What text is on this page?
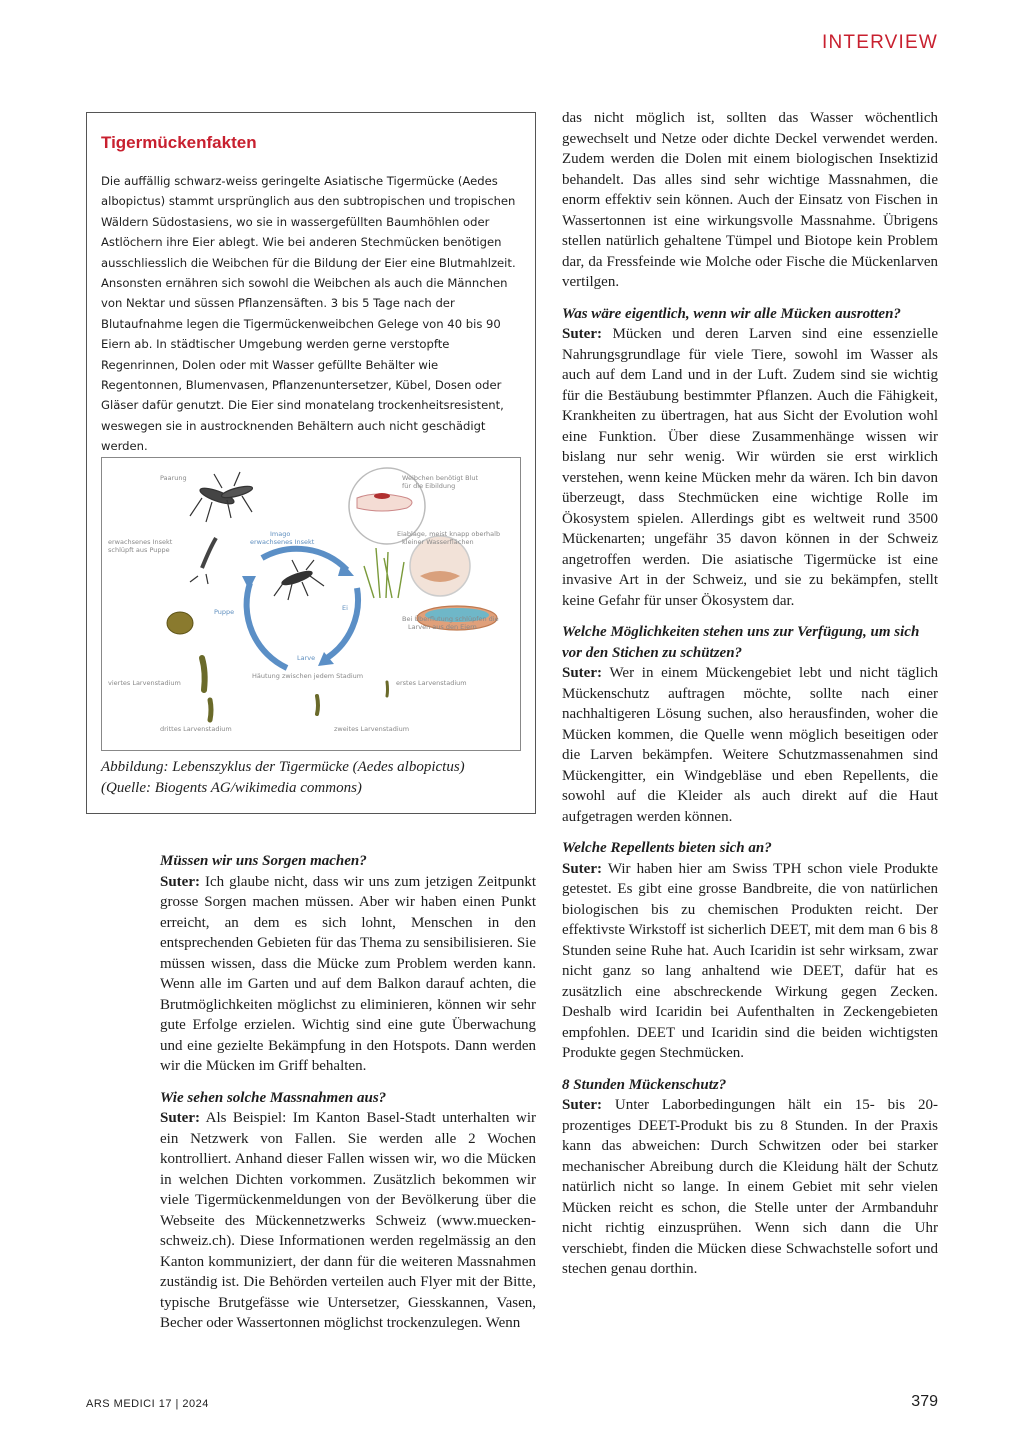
INTERVIEW
Tigermückenfakten

Die auffällig schwarz-weiss geringelte Asiatische Tigermücke (Aedes albopictus) stammt ursprünglich aus den subtropischen und tropischen Wäldern Südostasiens, wo sie in wassergefüllten Baumhöhlen oder Astlöchern ihre Eier ablegt. Wie bei anderen Stechmücken benötigen ausschliesslich die Weibchen für die Bildung der Eier eine Blutmahlzeit. Ansonsten ernähren sich sowohl die Weibchen als auch die Männchen von Nektar und süssen Pflanzensäften. 3 bis 5 Tage nach der Blutaufnahme legen die Tigermückenweibchen Gelege von 40 bis 90 Eiern ab. In städtischer Umgebung werden gerne verstopfte Regenrinnen, Dolen oder mit Wasser gefüllte Behälter wie Regentonnen, Blumenvasen, Pflanzenuntersetzer, Kübel, Dosen oder Gläser dafür genutzt. Die Eier sind monatelang trockenheitsresistent, weswegen sie in austrocknenden Behältern auch nicht geschädigt werden.

Paarung	Weibchen benötigt Blut
für die Eibildung
erwachsenes Insekt
schlüpft aus Puppe
Imago
erwachsenes Insekt
Eiablage, meist knapp oberhalb
kleiner Wasserflächen
Ei
Puppe
Bei Überflutung schlüpfen die
Larven aus den Eiern
Larve
Häutung zwischen jedem Stadium
viertes Larvenstadium	erstes Larvenstadium
drittes Larvenstadium	zweites Larvenstadium

Abbildung: Lebenszyklus der Tigermücke (Aedes albopictus)
(Quelle: Biogents AG/wikimedia commons)

Müssen wir uns Sorgen machen?

Suter: Ich glaube nicht, dass wir uns zum jetzigen Zeitpunkt grosse Sorgen machen müssen. Aber wir haben einen Punkt erreicht, an dem es sich lohnt, Menschen in den entsprechenden Gebieten für das Thema zu sensibilisieren. Sie müssen wissen, dass die Mücke zum Problem werden kann. Wenn alle im Garten und auf dem Balkon darauf achten, die Brutmöglichkeiten möglichst zu eliminieren, können wir sehr gute Erfolge erzielen. Wichtig sind eine gute Überwachung und eine gezielte Bekämpfung in den Hotspots. Dann werden wir die Mücken im Griff behalten.

Wie sehen solche Massnahmen aus?

Suter: Als Beispiel: Im Kanton Basel-Stadt unterhalten wir ein Netzwerk von Fallen. Sie werden alle 2 Wochen kontrolliert. Anhand dieser Fallen wissen wir, wo die Mücken in welchen Dichten vorkommen. Zusätzlich bekommen wir viele Tigermückenmeldungen von der Bevölkerung über die Webseite des Mückennetzwerks Schweiz (www.muecken-schweiz.ch). Diese Informationen werden regelmässig an den Kanton kommuniziert, der dann für die weiteren Massnahmen zuständig ist. Die Behörden verteilen auch Flyer mit der Bitte, typische Brutgefässe wie Untersetzer, Giesskannen, Vasen, Becher oder Wassertonnen möglichst trockenzulegen. Wenn

das nicht möglich ist, sollten das Wasser wöchentlich gewechselt und Netze oder dichte Deckel verwendet werden. Zudem werden die Dolen mit einem biologischen Insektizid behandelt. Das alles sind sehr wichtige Massnahmen, die enorm effektiv sein können. Auch der Einsatz von Fischen in Wassertonnen ist eine wirkungsvolle Massnahme. Übrigens stellen natürlich gehaltene Tümpel und Biotope kein Problem dar, da Fressfeinde wie Molche oder Fische die Mückenlarven vertilgen.

Was wäre eigentlich, wenn wir alle Mücken ausrotten?

Suter: Mücken und deren Larven sind eine essenzielle Nahrungsgrundlage für viele Tiere, sowohl im Wasser als auch auf dem Land und in der Luft. Zudem sind sie wichtig für die Bestäubung bestimmter Pflanzen. Auch die Fähigkeit, Krankheiten zu übertragen, hat aus Sicht der Evolution wohl eine Funktion. Über diese Zusammenhänge wissen wir bislang nur sehr wenig. Wir würden sie erst wirklich verstehen, wenn keine Mücken mehr da wären. Ich bin davon überzeugt, dass Stechmücken eine wichtige Rolle im Ökosystem spielen. Allerdings gibt es weltweit rund 3500 Mückenarten; ungefähr 35 davon können in der Schweiz angetroffen werden. Die asiatische Tigermücke ist eine invasive Art in der Schweiz, und sie zu bekämpfen, stellt keine Gefahr für unser Ökosystem dar.

Welche Möglichkeiten stehen uns zur Verfügung, um sich vor den Stichen zu schützen?

Suter: Wer in einem Mückengebiet lebt und nicht täglich Mückenschutz auftragen möchte, sollte nach einer nachhaltigeren Lösung suchen, also herausfinden, woher die Mücken kommen, die Quelle wenn möglich beseitigen oder die Larven bekämpfen. Weitere Schutzmassenahmen sind Mückengitter, ein Windgebläse und eben Repellents, die sowohl auf die Kleider als auch direkt auf die Haut aufgetragen werden können.

Welche Repellents bieten sich an?

Suter: Wir haben hier am Swiss TPH schon viele Produkte getestet. Es gibt eine grosse Bandbreite, die von natürlichen biologischen bis zu chemischen Produkten reicht. Der effektivste Wirkstoff ist sicherlich DEET, mit dem man 6 bis 8 Stunden seine Ruhe hat. Auch Icaridin ist sehr wirksam, zwar nicht ganz so lang anhaltend wie DEET, dafür hat es zusätzlich eine abschreckende Wirkung gegen Zecken. Deshalb wird Icaridin bei Aufenthalten in Zeckengebieten empfohlen. DEET und Icaridin sind die beiden wichtigsten Produkte gegen Stechmücken.

8 Stunden Mückenschutz?

Suter: Unter Laborbedingungen hält ein 15- bis 20-prozentiges DEET-Produkt bis zu 8 Stunden. In der Praxis kann das abweichen: Durch Schwitzen oder bei starker mechanischer Abreibung durch die Kleidung hält der Schutz natürlich nicht so lange. In einem Gebiet mit sehr vielen Mücken reicht es schon, die Stelle unter der Armbanduhr nicht richtig einzusprühen. Wenn sich dann die Uhr verschiebt, finden die Mücken diese Schwachstelle sofort und stechen genau dorthin.

ARS MEDICI 17 | 2024	379
